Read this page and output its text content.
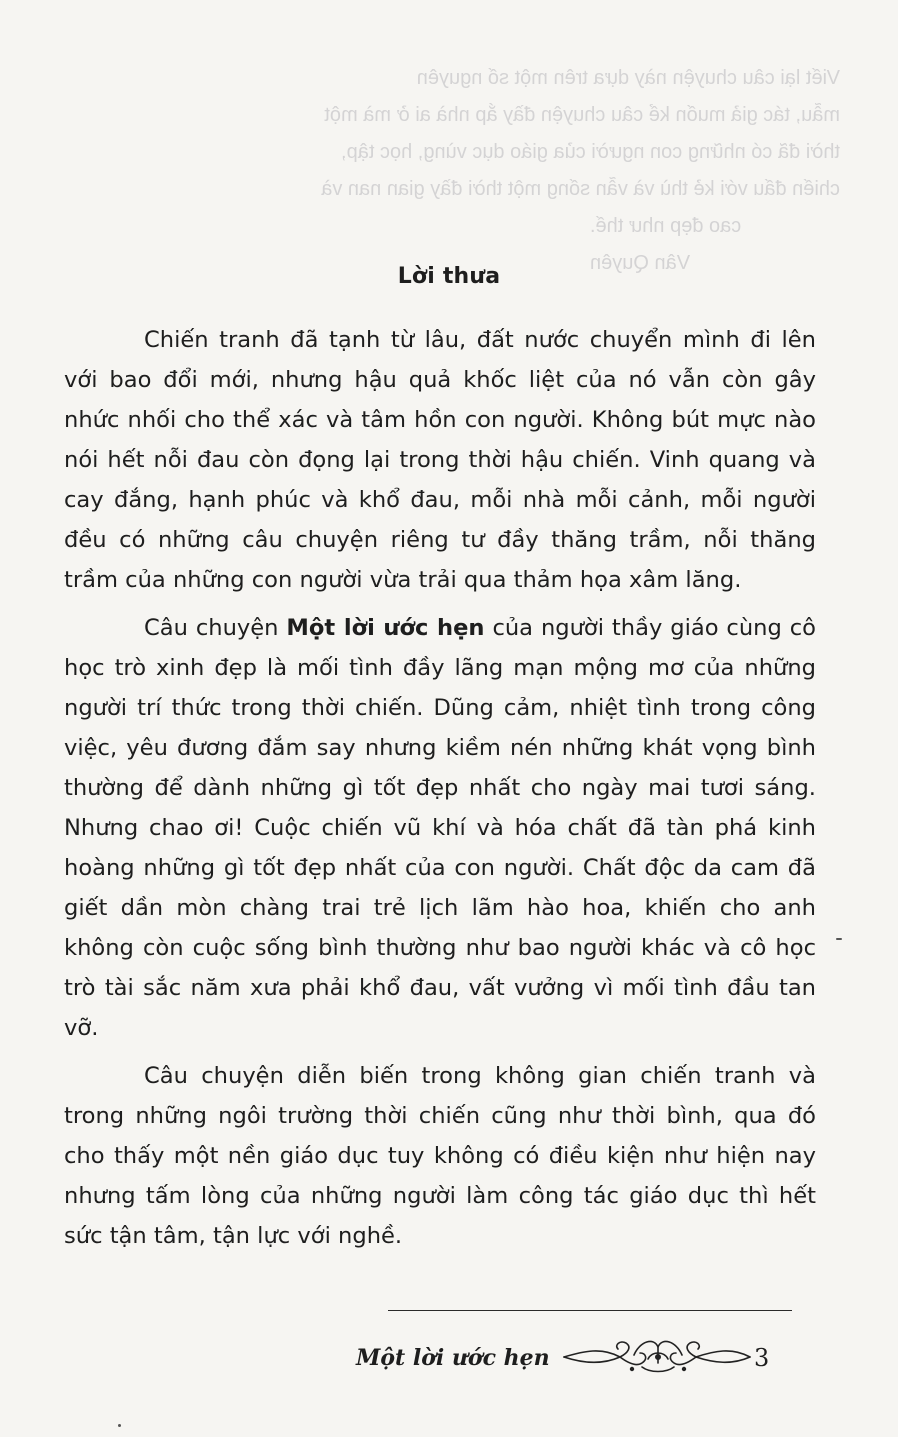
Viết lại câu chuyện này dựa trên một số nguyên
mẫu, tác giả muốn kể câu chuyện đầy ắp nhà ai ở mà một
thời đã có những con người của giáo dục vùng, học tập,
chiến đấu với kẻ thù và vẫn sống một thời đầy gian nan và
cao đẹp như thế.
Vân Quyên
Lời thưa

Chiến tranh đã tạnh từ lâu, đất nước chuyển mình đi lên với bao đổi mới, nhưng hậu quả khốc liệt của nó vẫn còn gây nhức nhối cho thể xác và tâm hồn con người. Không bút mực nào nói hết nỗi đau còn đọng lại trong thời hậu chiến. Vinh quang và cay đắng, hạnh phúc và khổ đau, mỗi nhà mỗi cảnh, mỗi người đều có những câu chuyện riêng tư đầy thăng trầm, nỗi thăng trầm của những con người vừa trải qua thảm họa xâm lăng.

Câu chuyện Một lời ước hẹn của người thầy giáo cùng cô học trò xinh đẹp là mối tình đầy lãng mạn mộng mơ của những người trí thức trong thời chiến. Dũng cảm, nhiệt tình trong công việc, yêu đương đắm say nhưng kiềm nén những khát vọng bình thường để dành những gì tốt đẹp nhất cho ngày mai tươi sáng. Nhưng chao ơi! Cuộc chiến vũ khí và hóa chất đã tàn phá kinh hoàng những gì tốt đẹp nhất của con người. Chất độc da cam đã giết dần mòn chàng trai trẻ lịch lãm hào hoa, khiến cho anh không còn cuộc sống bình thường như bao người khác và cô học trò tài sắc năm xưa phải khổ đau, vất vưởng vì mối tình đầu tan vỡ.

Câu chuyện diễn biến trong không gian chiến tranh và trong những ngôi trường thời chiến cũng như thời bình, qua đó cho thấy một nền giáo dục tuy không có điều kiện như hiện nay nhưng tấm lòng của những người làm công tác giáo dục thì hết sức tận tâm, tận lực với nghề.

Một lời ước hẹn	3
